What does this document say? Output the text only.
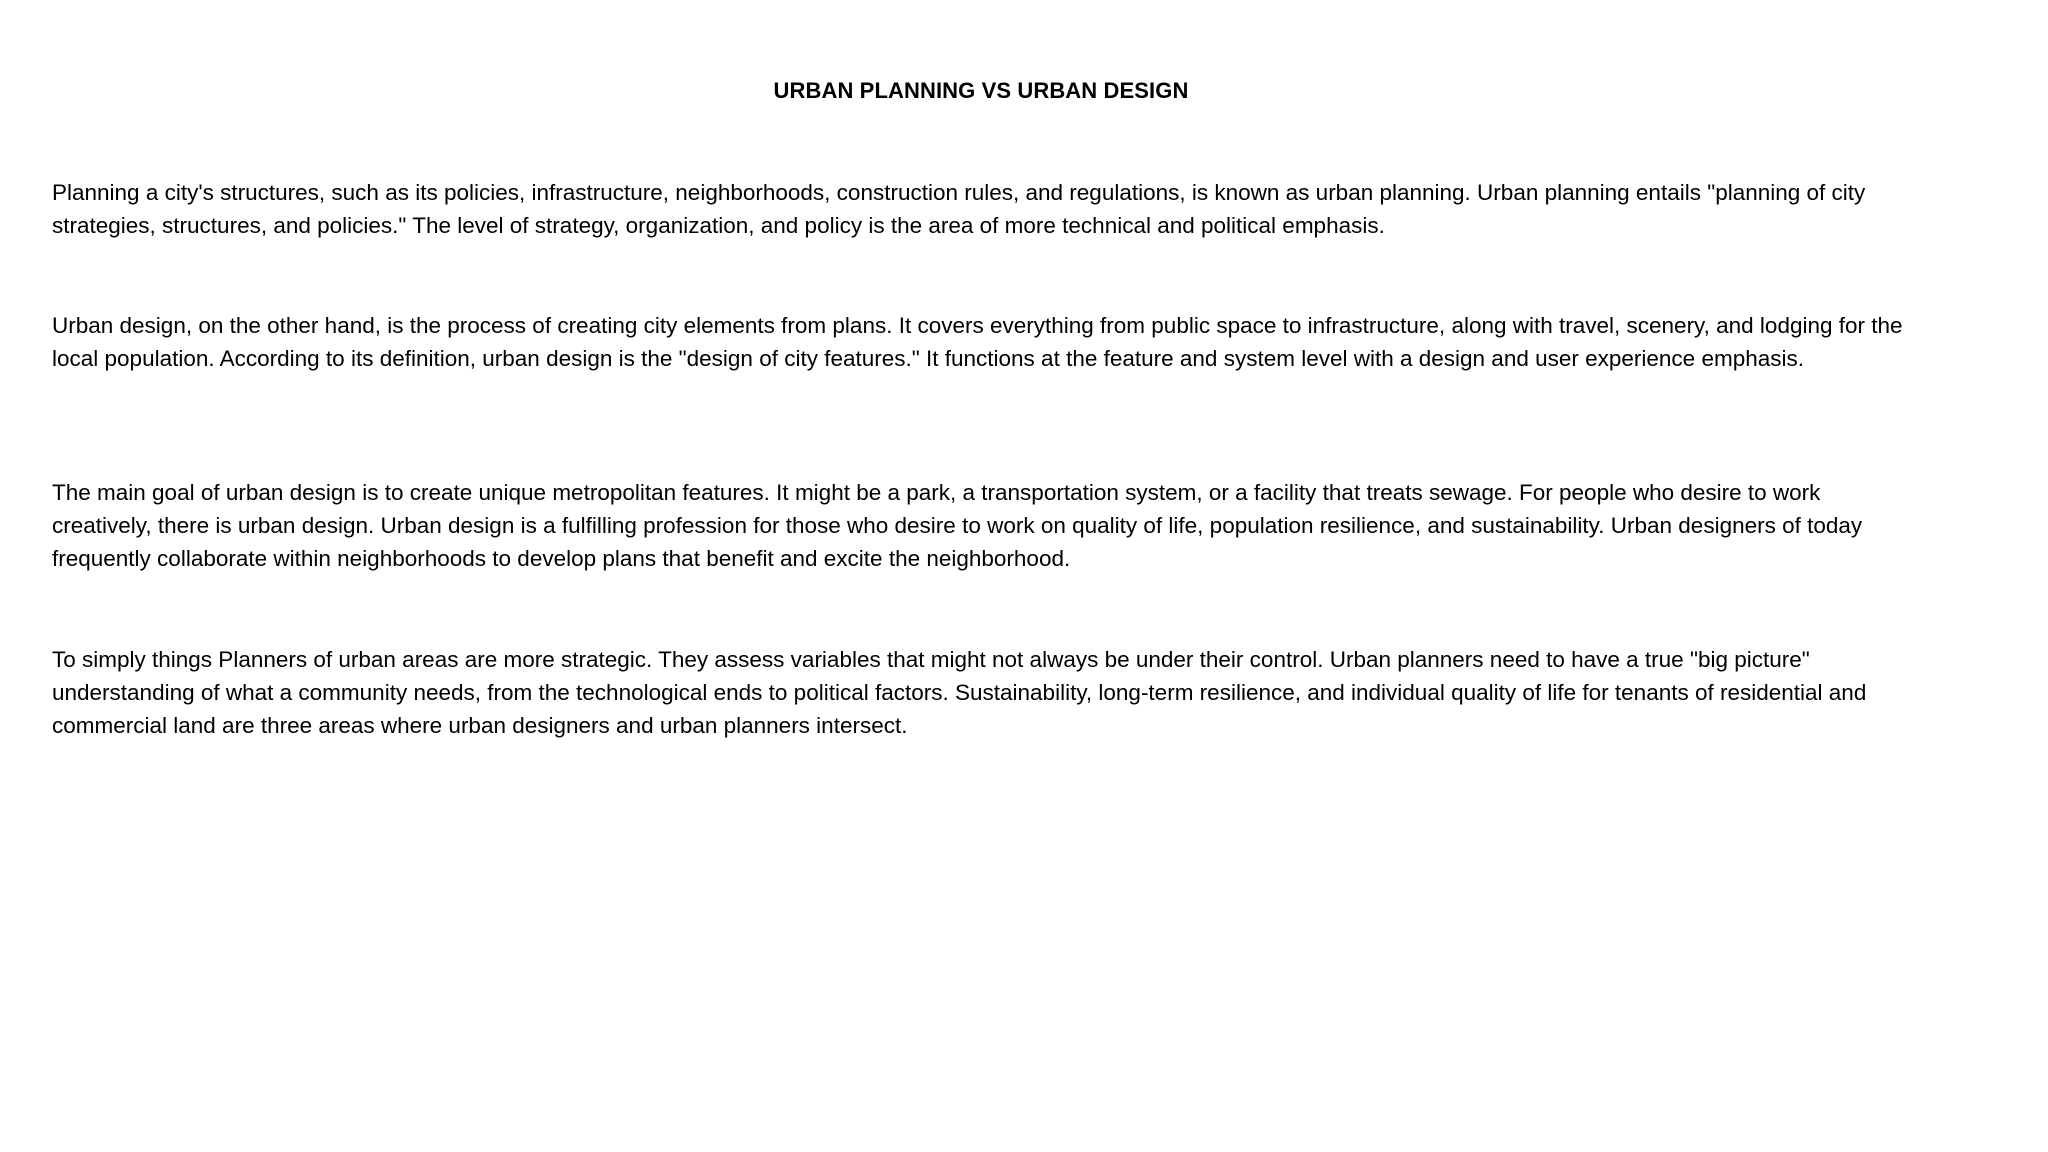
URBAN PLANNING VS URBAN DESIGN

Planning a city's structures, such as its policies, infrastructure, neighborhoods, construction rules, and regulations, is known as urban planning. Urban planning entails "planning of city strategies, structures, and policies." The level of strategy, organization, and policy is the area of more technical and political emphasis.

Urban design, on the other hand, is the process of creating city elements from plans. It covers everything from public space to infrastructure, along with travel, scenery, and lodging for the local population. According to its definition, urban design is the "design of city features." It functions at the feature and system level with a design and user experience emphasis.

The main goal of urban design is to create unique metropolitan features. It might be a park, a transportation system, or a facility that treats sewage. For people who desire to work creatively, there is urban design. Urban design is a fulfilling profession for those who desire to work on quality of life, population resilience, and sustainability. Urban designers of today frequently collaborate within neighborhoods to develop plans that benefit and excite the neighborhood.

To simply things Planners of urban areas are more strategic. They assess variables that might not always be under their control. Urban planners need to have a true "big picture" understanding of what a community needs, from the technological ends to political factors. Sustainability, long-term resilience, and individual quality of life for tenants of residential and commercial land are three areas where urban designers and urban planners intersect.
